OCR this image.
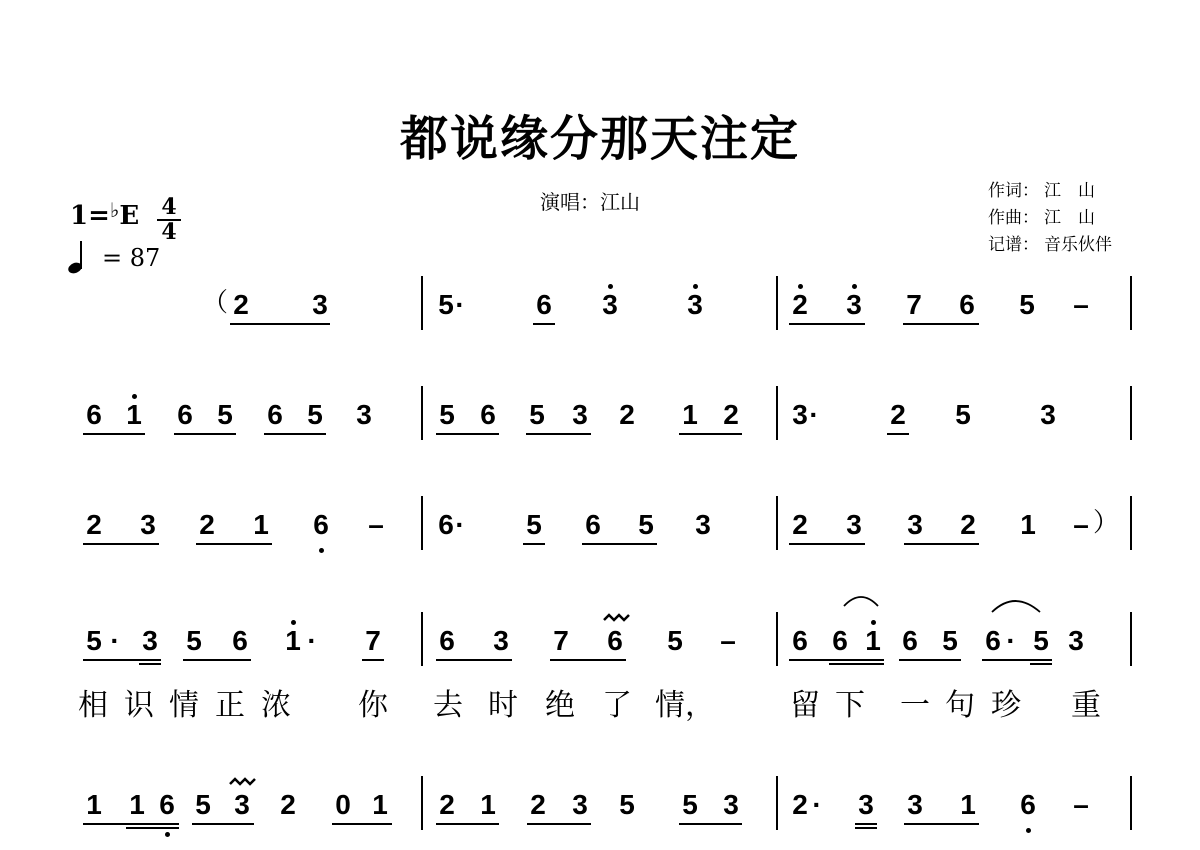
都说缘分那天注定
演唱：江山	作词： 江　山
作曲： 江　山
记谱： 音乐伙伴
1=♭E 4
4
= 87
（ 2 3	5 ·	6 3 3	2 3 7 6 5 –
6 1 6 5 6 5 3 5 6 5 3 2 1 2 3 ·	2 5 3
2 3 2 1 6 – 6 · 5 6 5 3	2 3 3 2 1 – ）
5 · 3 5 6 1 · 7 6 3 7 6 5 – 6 6 1 6 5 6 · 5 3
相 识 情 正 浓 你 去 时 绝 了 情，	留 下 一 句 珍 重
1 1 6 5 3 2 0 1 2 1 2 3 5 5 3 2 · 3 3 1 6 –
